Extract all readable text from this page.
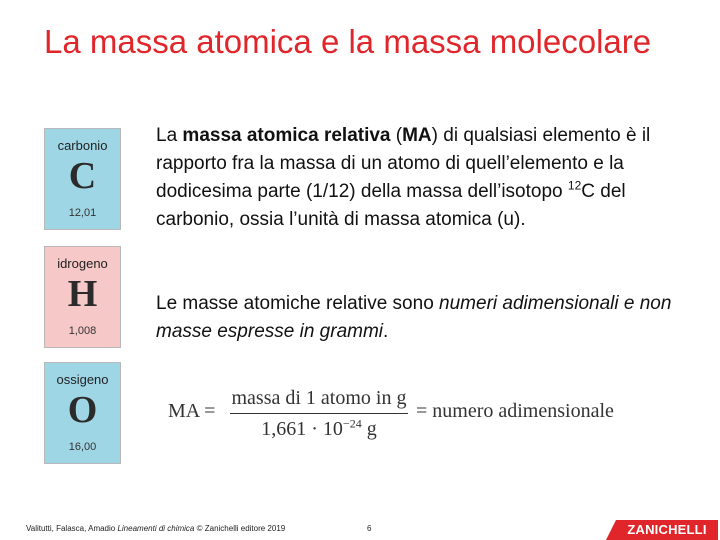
La massa atomica e la massa molecolare
carbonio
C
12,01
idrogeno
H
1,008
ossigeno
O
16,00

La massa atomica relativa (MA) di qualsiasi elemento è il rapporto fra la massa di un atomo di quell’elemento e la dodicesima parte (1/12) della massa dell’isotopo $^{12}$C del carbonio, ossia l’unità di massa atomica (u).

Le masse atomiche relative sono numeri adimensionali e non masse espresse in grammi.

MA =
massa di 1 atomo in g
$1,661 \cdot 10^{-24}$ g
= numero adimensionale
Valitutti, Falasca, Amadio Lineamenti di chimica © Zanichelli editore 2019	6	ZANICHELLI
